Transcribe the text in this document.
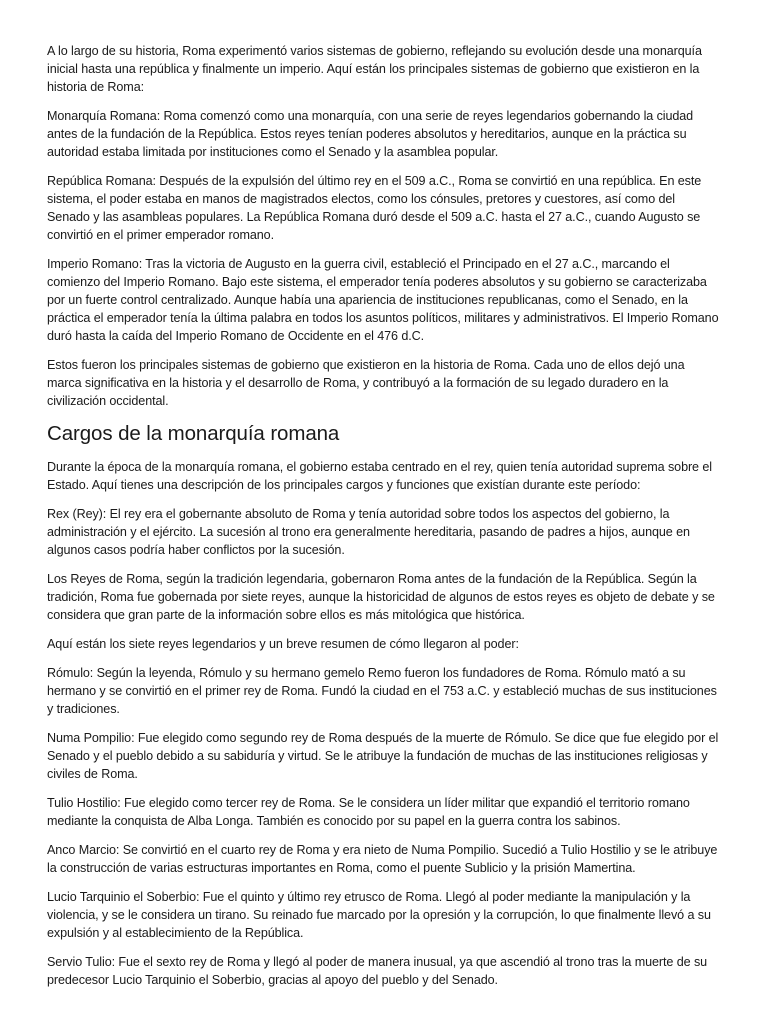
A lo largo de su historia, Roma experimentó varios sistemas de gobierno, reflejando su evolución desde una monarquía inicial hasta una república y finalmente un imperio. Aquí están los principales sistemas de gobierno que existieron en la historia de Roma:

Monarquía Romana: Roma comenzó como una monarquía, con una serie de reyes legendarios gobernando la ciudad antes de la fundación de la República. Estos reyes tenían poderes absolutos y hereditarios, aunque en la práctica su autoridad estaba limitada por instituciones como el Senado y la asamblea popular.

República Romana: Después de la expulsión del último rey en el 509 a.C., Roma se convirtió en una república. En este sistema, el poder estaba en manos de magistrados electos, como los cónsules, pretores y cuestores, así como del Senado y las asambleas populares. La República Romana duró desde el 509 a.C. hasta el 27 a.C., cuando Augusto se convirtió en el primer emperador romano.

Imperio Romano: Tras la victoria de Augusto en la guerra civil, estableció el Principado en el 27 a.C., marcando el comienzo del Imperio Romano. Bajo este sistema, el emperador tenía poderes absolutos y su gobierno se caracterizaba por un fuerte control centralizado. Aunque había una apariencia de instituciones republicanas, como el Senado, en la práctica el emperador tenía la última palabra en todos los asuntos políticos, militares y administrativos. El Imperio Romano duró hasta la caída del Imperio Romano de Occidente en el 476 d.C.

Estos fueron los principales sistemas de gobierno que existieron en la historia de Roma. Cada uno de ellos dejó una marca significativa en la historia y el desarrollo de Roma, y contribuyó a la formación de su legado duradero en la civilización occidental.

Cargos de la monarquía romana

Durante la época de la monarquía romana, el gobierno estaba centrado en el rey, quien tenía autoridad suprema sobre el Estado. Aquí tienes una descripción de los principales cargos y funciones que existían durante este período:

Rex (Rey): El rey era el gobernante absoluto de Roma y tenía autoridad sobre todos los aspectos del gobierno, la administración y el ejército. La sucesión al trono era generalmente hereditaria, pasando de padres a hijos, aunque en algunos casos podría haber conflictos por la sucesión.

Los Reyes de Roma, según la tradición legendaria, gobernaron Roma antes de la fundación de la República. Según la tradición, Roma fue gobernada por siete reyes, aunque la historicidad de algunos de estos reyes es objeto de debate y se considera que gran parte de la información sobre ellos es más mitológica que histórica.

Aquí están los siete reyes legendarios y un breve resumen de cómo llegaron al poder:

Rómulo: Según la leyenda, Rómulo y su hermano gemelo Remo fueron los fundadores de Roma. Rómulo mató a su hermano y se convirtió en el primer rey de Roma. Fundó la ciudad en el 753 a.C. y estableció muchas de sus instituciones y tradiciones.

Numa Pompilio: Fue elegido como segundo rey de Roma después de la muerte de Rómulo. Se dice que fue elegido por el Senado y el pueblo debido a su sabiduría y virtud. Se le atribuye la fundación de muchas de las instituciones religiosas y civiles de Roma.

Tulio Hostilio: Fue elegido como tercer rey de Roma. Se le considera un líder militar que expandió el territorio romano mediante la conquista de Alba Longa. También es conocido por su papel en la guerra contra los sabinos.

Anco Marcio: Se convirtió en el cuarto rey de Roma y era nieto de Numa Pompilio. Sucedió a Tulio Hostilio y se le atribuye la construcción de varias estructuras importantes en Roma, como el puente Sublicio y la prisión Mamertina.

Lucio Tarquinio el Soberbio: Fue el quinto y último rey etrusco de Roma. Llegó al poder mediante la manipulación y la violencia, y se le considera un tirano. Su reinado fue marcado por la opresión y la corrupción, lo que finalmente llevó a su expulsión y al establecimiento de la República.

Servio Tulio: Fue el sexto rey de Roma y llegó al poder de manera inusual, ya que ascendió al trono tras la muerte de su predecesor Lucio Tarquinio el Soberbio, gracias al apoyo del pueblo y del Senado.
